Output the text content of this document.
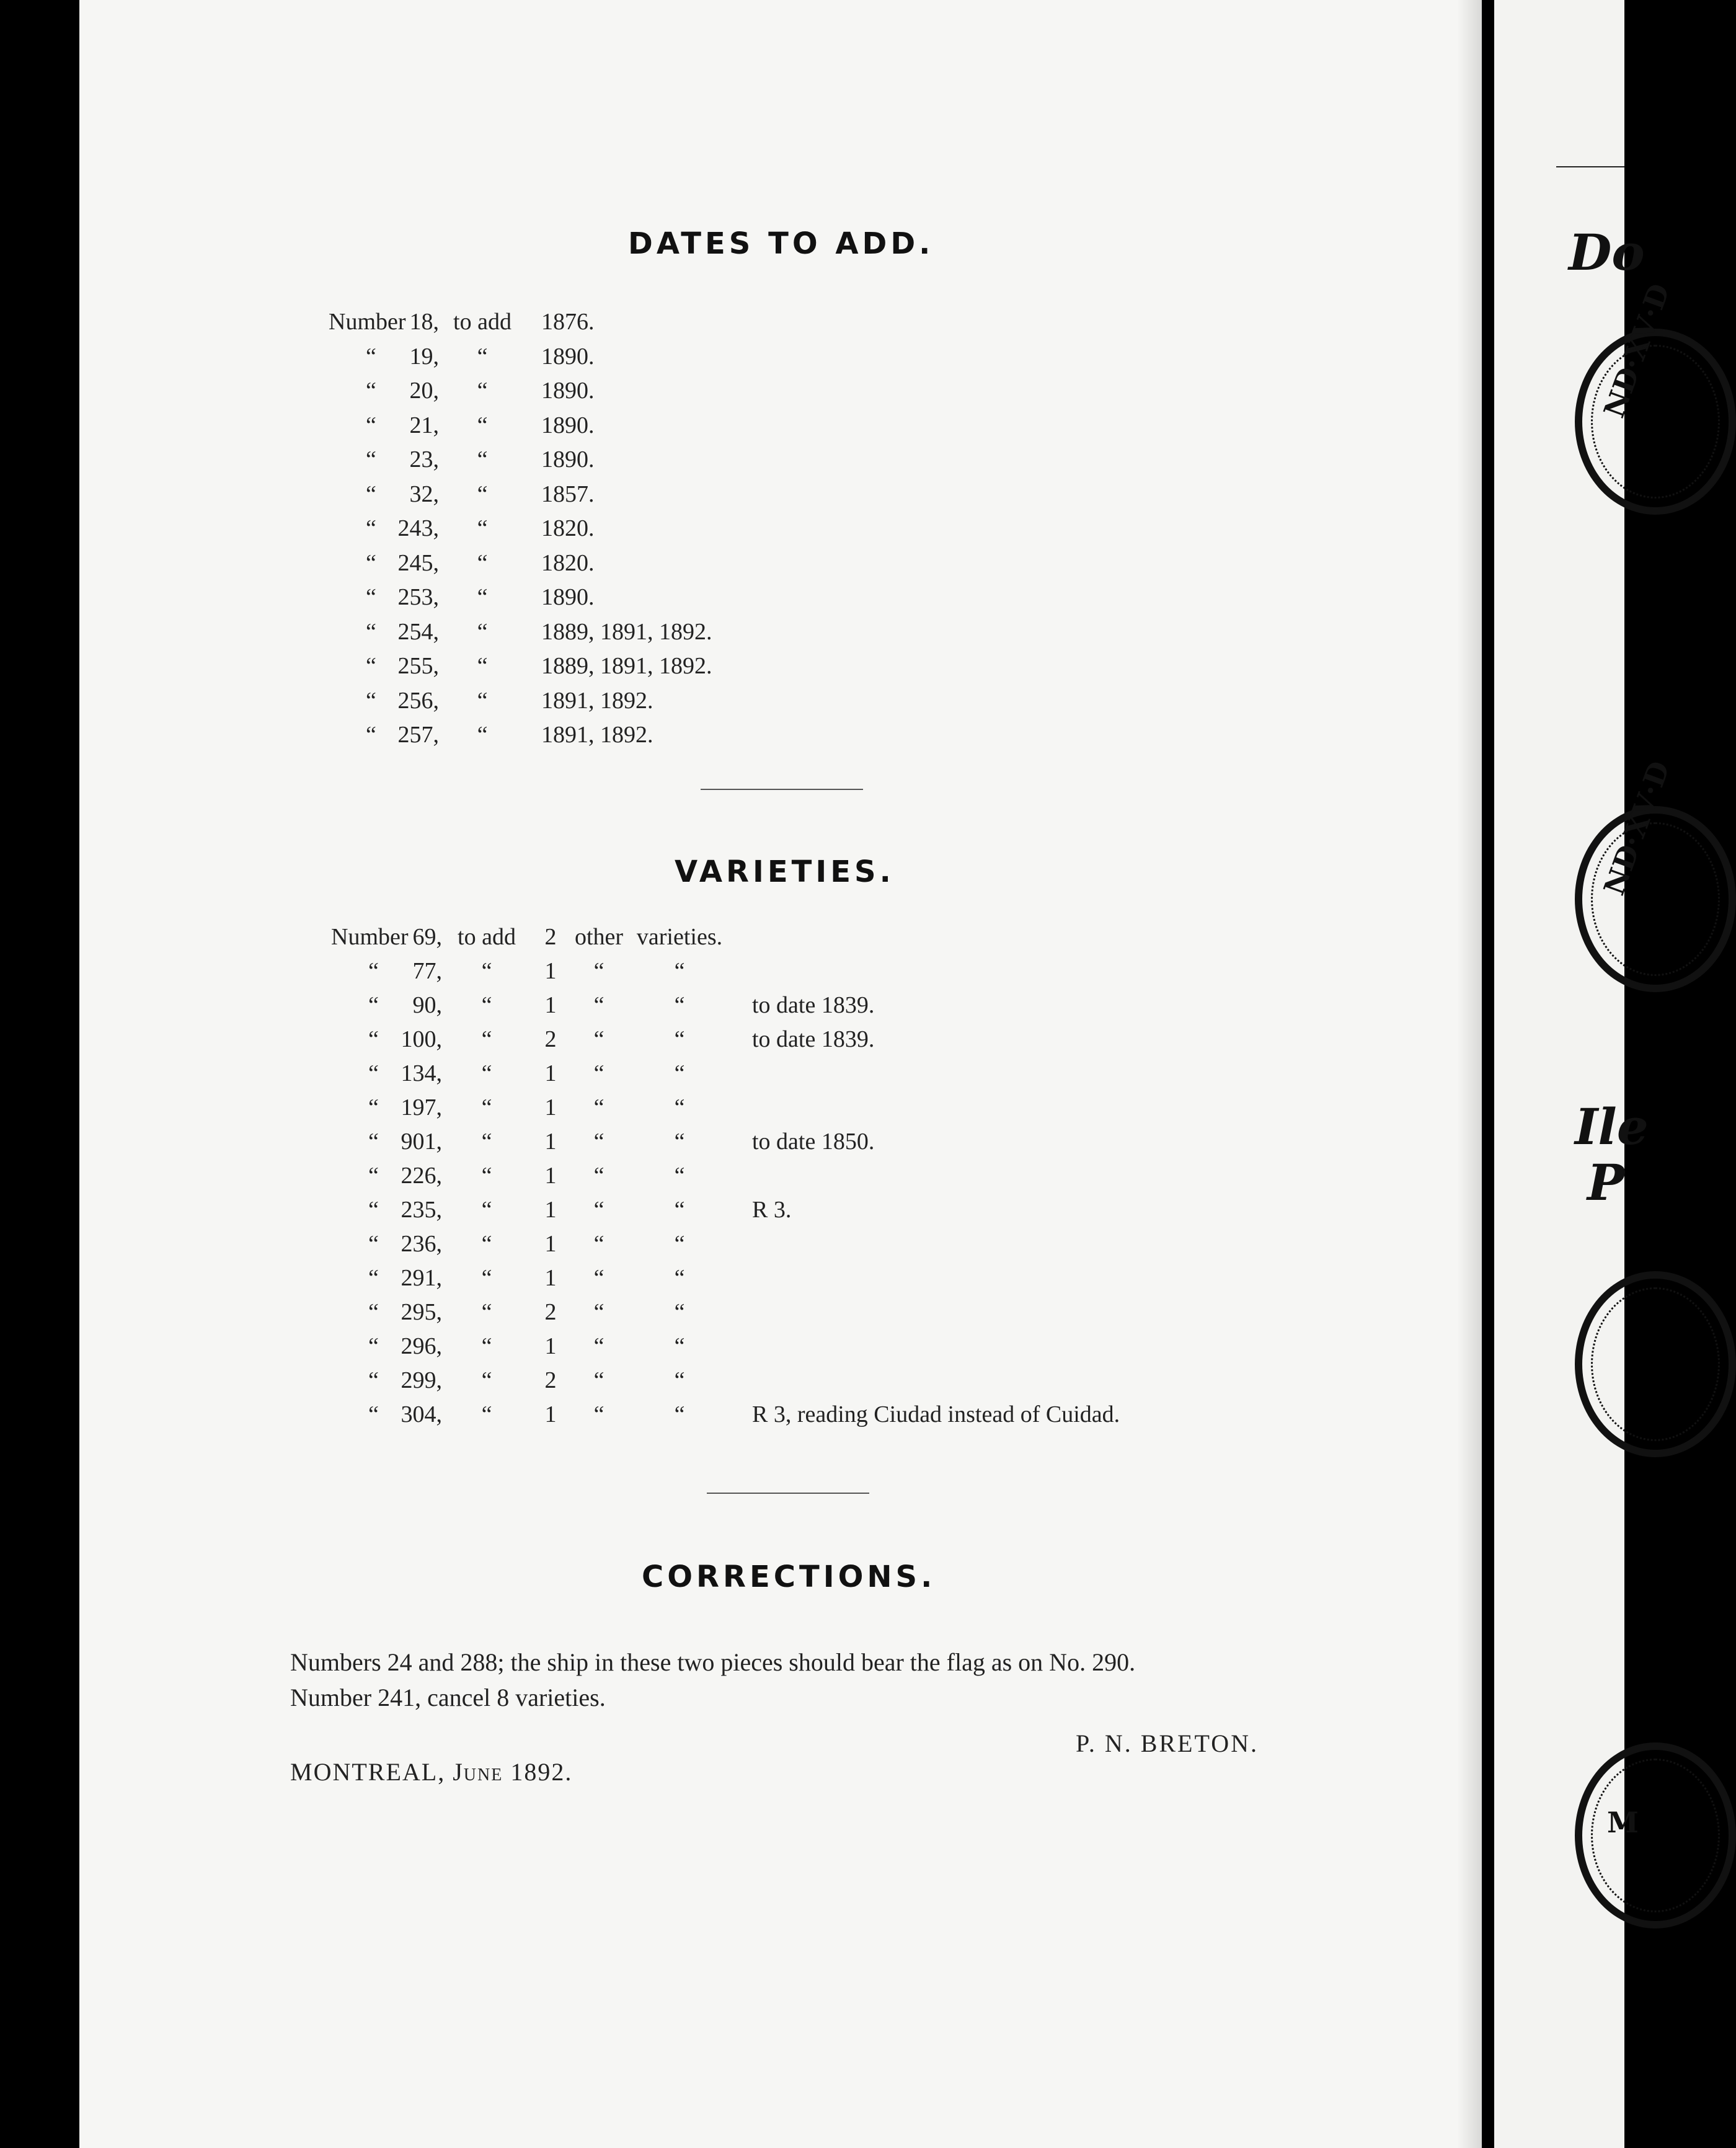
DATES TO ADD.
Number 18, to add	1876.
“	19,	“	1890.
“	20,	“	1890.
“	21,	“	1890.
“	23,	“	1890.
“	32,	“	1857.
“ 243,	“	1820.
“ 245,	“	1820.
“ 253,	“	1890.
“ 254,	“	1889, 1891, 1892.
“ 255,	“	1889, 1891, 1892.
“ 256,	“	1891, 1892.
“ 257,	“	1891, 1892.
VARIETIES.
Number 69, to add	2 other varieties.
“	77,	“	1	“	“
“	90,	“	1	“	“	to date 1839.
“ 100,	“	2	“	“	to date 1839.
“ 134,	“	1	“	“
“ 197,	“	1	“	“
“ 901,	“	1	“	“	to date 1850.
“ 226,	“	1	“	“
“ 235,	“	1	“	“	R 3.
“ 236,	“	1	“	“
“ 291,	“	1	“	“
“ 295,	“	2	“	“
“ 296,	“	1	“	“
“ 299,	“	2	“	“
“ 304,	“	1	“	“	R 3, reading Ciudad instead of Cuidad.
CORRECTIONS.
Numbers 24 and 288; the ship in these two pieces should bear the flag as on No. 290.
Number 241, cancel 8 varieties.
P. N. BRETON.
MONTREAL, June 1892.
Do
ND·XV·D
ND·XV·D
Ile
P
M
